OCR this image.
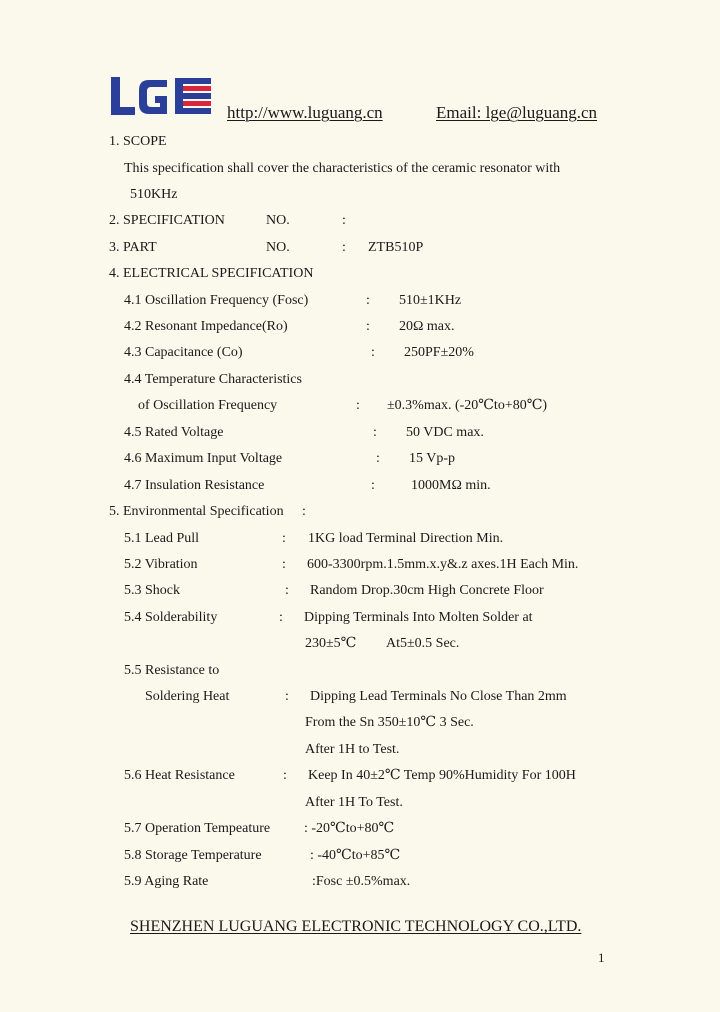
http://www.luguang.cn	Email: lge@luguang.cn
1. SCOPE
This specification shall cover the characteristics of the ceramic resonator with
510KHz
2. SPECIFICATION	NO.	:
3. PART	NO.	: ZTB510P
4. ELECTRICAL SPECIFICATION
4.1 Oscillation Frequency (Fosc)	: 510±1KHz
4.2 Resonant Impedance(Ro)	: 20Ω max.
4.3 Capacitance (Co)	: 250PF±20%
4.4 Temperature Characteristics
of Oscillation Frequency	: ±0.3%max. (-20℃to+80℃)
4.5 Rated Voltage	: 50 VDC max.
4.6 Maximum Input Voltage	: 15 Vp-p
4.7 Insulation Resistance	:	1000MΩ min.
5. Environmental Specification :
5.1 Lead Pull	: 1KG load Terminal Direction Min.
5.2 Vibration	: 600-3300rpm.1.5mm.x.y&.z axes.1H Each Min.
5.3 Shock	: Random Drop.30cm High Concrete Floor
5.4 Solderability	: Dipping Terminals Into Molten Solder at
230±5℃ At5±0.5 Sec.
5.5 Resistance to
Soldering Heat	: Dipping Lead Terminals No Close Than 2mm
From the Sn 350±10℃ 3 Sec.
After 1H to Test.
5.6 Heat Resistance	: Keep In 40±2℃ Temp 90%Humidity For 100H
After 1H To Test.
5.7 Operation Tempeature : -20℃to+80℃
5.8 Storage Temperature	: -40℃to+85℃
5.9 Aging Rate	:Fosc ±0.5%max.
SHENZHEN LUGUANG ELECTRONIC TECHNOLOGY CO.,LTD.
1
